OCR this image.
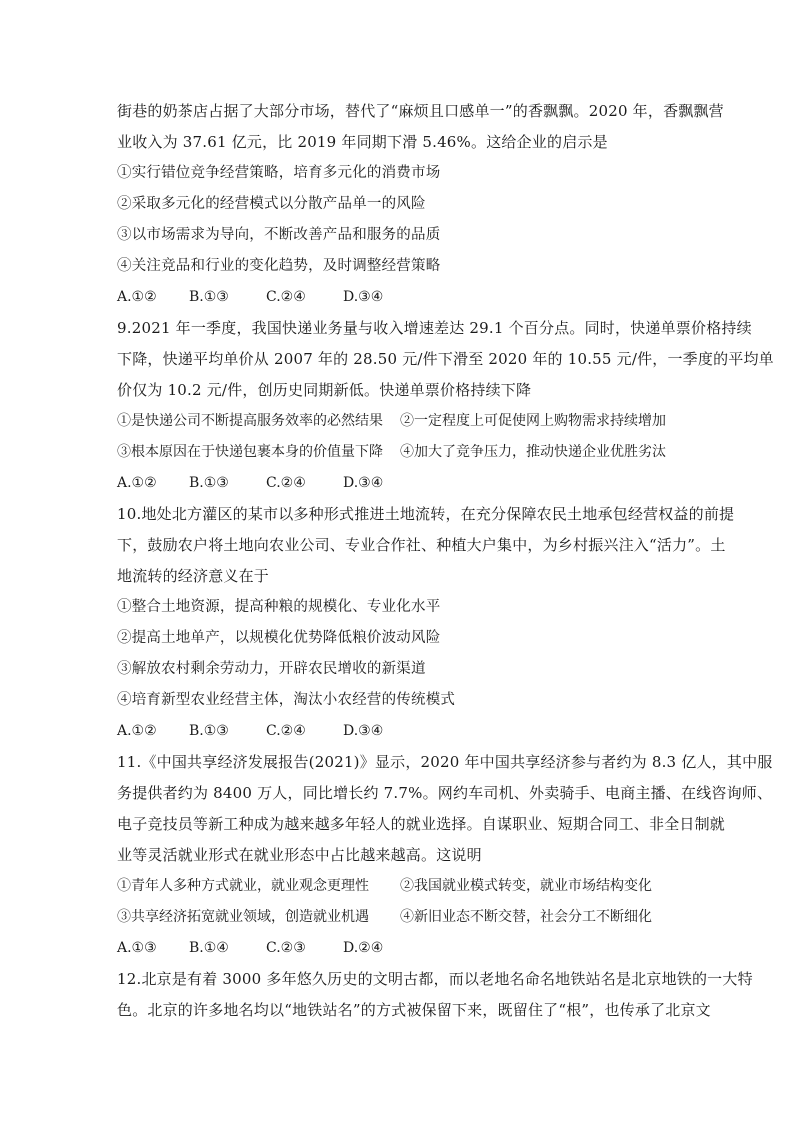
街巷的奶茶店占据了大部分市场，替代了“麻烦且口感单一”的香飘飘。2020 年，香飘飘营
业收入为 37.61 亿元，比 2019 年同期下滑 5.46%。这给企业的启示是
①实行错位竞争经营策略，培育多元化的消费市场
②采取多元化的经营模式以分散产品单一的风险
③以市场需求为导向，不断改善产品和服务的品质
④关注竞品和行业的变化趋势，及时调整经营策略
A.①②	B.①③	C.②④	D.③④
9.2021 年一季度，我国快递业务量与收入增速差达 29.1 个百分点。同时，快递单票价格持续
下降，快递平均单价从 2007 年的 28.50 元/件下滑至 2020 年的 10.55 元/件，一季度的平均单
价仅为 10.2 元/件，创历史同期新低。快递单票价格持续下降
①是快递公司不断提高服务效率的必然结果	②一定程度上可促使网上购物需求持续增加
③根本原因在于快递包裹本身的价值量下降	④加大了竞争压力，推动快递企业优胜劣汰
A.①②	B.①③	C.②④	D.③④
10.地处北方灌区的某市以多种形式推进土地流转，在充分保障农民土地承包经营权益的前提
下，鼓励农户将土地向农业公司、专业合作社、种植大户集中，为乡村振兴注入“活力”。土
地流转的经济意义在于
①整合土地资源，提高种粮的规模化、专业化水平
②提高土地单产，以规模化优势降低粮价波动风险
③解放农村剩余劳动力，开辟农民增收的新渠道
④培育新型农业经营主体，淘汰小农经营的传统模式
A.①②	B.①③	C.②④	D.③④
11.《中国共享经济发展报告(2021)》显示，2020 年中国共享经济参与者约为 8.3 亿人，其中服
务提供者约为 8400 万人，同比增长约 7.7%。网约车司机、外卖骑手、电商主播、在线咨询师、
电子竞技员等新工种成为越来越多年轻人的就业选择。自谋职业、短期合同工、非全日制就
业等灵活就业形式在就业形态中占比越来越高。这说明
①青年人多种方式就业，就业观念更理性	②我国就业模式转变，就业市场结构变化
③共享经济拓宽就业领域，创造就业机遇	④新旧业态不断交替，社会分工不断细化
A.①③	B.①④	C.②③	D.②④
12.北京是有着 3000 多年悠久历史的文明古都，而以老地名命名地铁站名是北京地铁的一大特
色。北京的许多地名均以“地铁站名”的方式被保留下来，既留住了“根”，也传承了北京文
